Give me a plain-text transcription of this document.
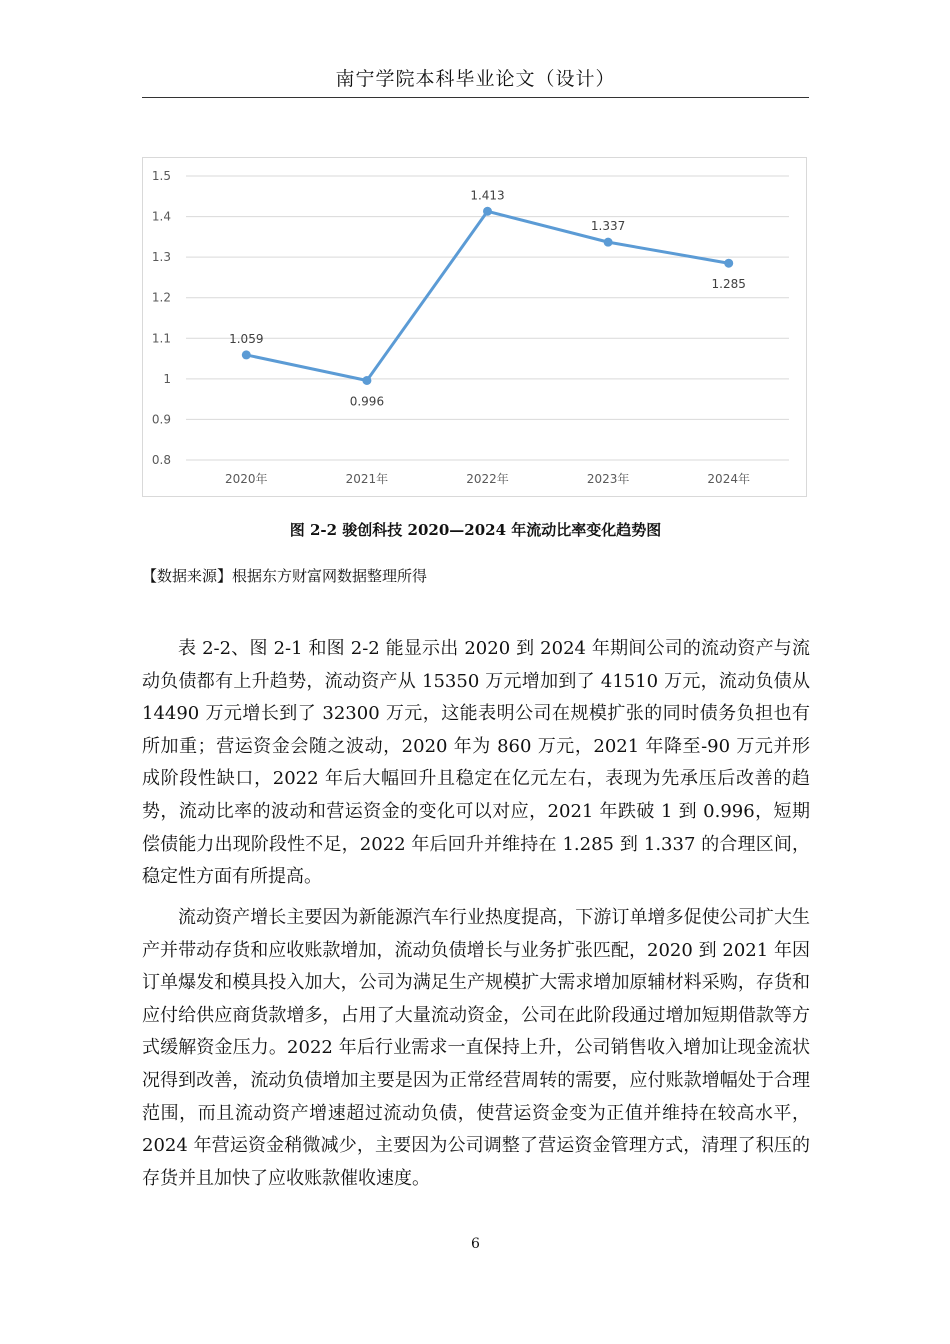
南宁学院本科毕业论文（设计）
0.8
0.9
1
1.1
1.2
1.3
1.4
1.5
2020年	2021年	2022年	2023年	2024年
1.059
0.996
1.413
1.337
1.285
图 2-2 骏创科技 2020—2024 年流动比率变化趋势图
【数据来源】根据东方财富网数据整理所得

表 2-2、图 2-1 和图 2-2 能显示出 2020 到 2024 年期间公司的流动资产与流动负债都有上升趋势，流动资产从 15350 万元增加到了 41510 万元，流动负债从 14490 万元增长到了 32300 万元，这能表明公司在规模扩张的同时债务负担也有所加重；营运资金会随之波动，2020 年为 860 万元，2021 年降至-90 万元并形成阶段性缺口，2022 年后大幅回升且稳定在亿元左右，表现为先承压后改善的趋势，流动比率的波动和营运资金的变化可以对应，2021 年跌破 1 到 0.996，短期偿债能力出现阶段性不足，2022 年后回升并维持在 1.285 到 1.337 的合理区间，稳定性方面有所提高。

流动资产增长主要因为新能源汽车行业热度提高，下游订单增多促使公司扩大生产并带动存货和应收账款增加，流动负债增长与业务扩张匹配，2020 到 2021 年因订单爆发和模具投入加大，公司为满足生产规模扩大需求增加原辅材料采购，存货和应付给供应商货款增多，占用了大量流动资金，公司在此阶段通过增加短期借款等方式缓解资金压力。2022 年后行业需求一直保持上升，公司销售收入增加让现金流状况得到改善，流动负债增加主要是因为正常经营周转的需要，应付账款增幅处于合理范围，而且流动资产增速超过流动负债，使营运资金变为正值并维持在较高水平，2024 年营运资金稍微减少，主要因为公司调整了营运资金管理方式，清理了积压的存货并且加快了应收账款催收速度。

6
